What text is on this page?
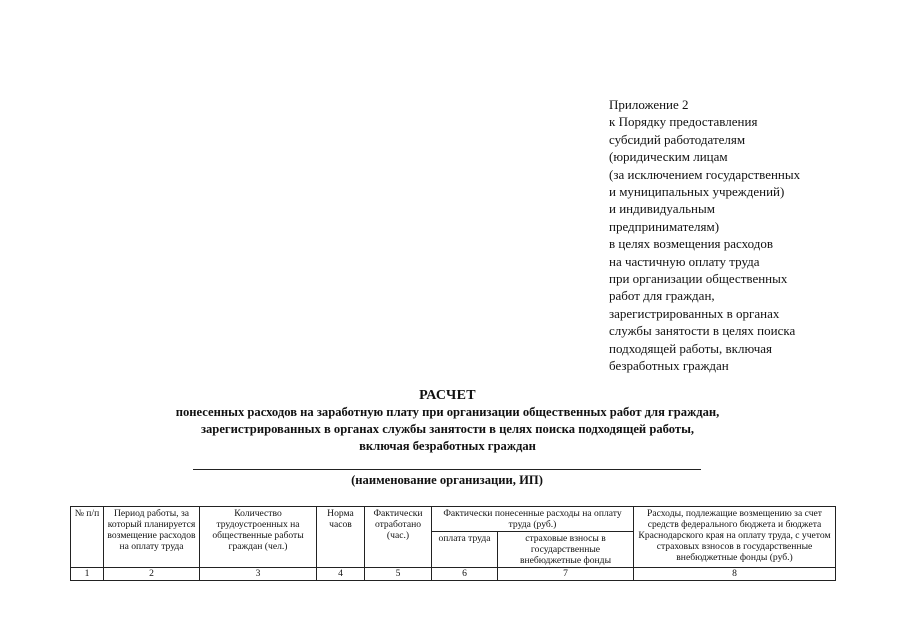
Приложение 2
к Порядку предоставления
субсидий работодателям
(юридическим лицам
(за исключением государственных
и муниципальных учреждений)
и индивидуальным
предпринимателям)
в целях возмещения расходов
на частичную оплату труда
при организации общественных
работ для граждан,
зарегистрированных в органах
службы занятости в целях поиска
подходящей работы, включая
безработных граждан
РАСЧЕТ
понесенных расходов на заработную плату при организации общественных работ для граждан,
зарегистрированных в органах службы занятости в целях поиска подходящей работы,
включая безработных граждан
(наименование организации, ИП)
№ п/п	Период работы, за который планируется возмещение расходов на оплату труда	Количество трудоустроенных на общественные работы граждан (чел.)	Норма часов	Фактически отработано (час.)	Фактически понесенные расходы на оплату труда (руб.)		Расходы, подлежащие возмещению за счет средств федерального бюджета и бюджета Краснодарского края на оплату труда, с учетом страховых взносов в государственные внебюджетные фонды (руб.)
					оплата труда	страховые взносы в государственные внебюджетные фонды	
1	2	3	4	5	6	7	8
